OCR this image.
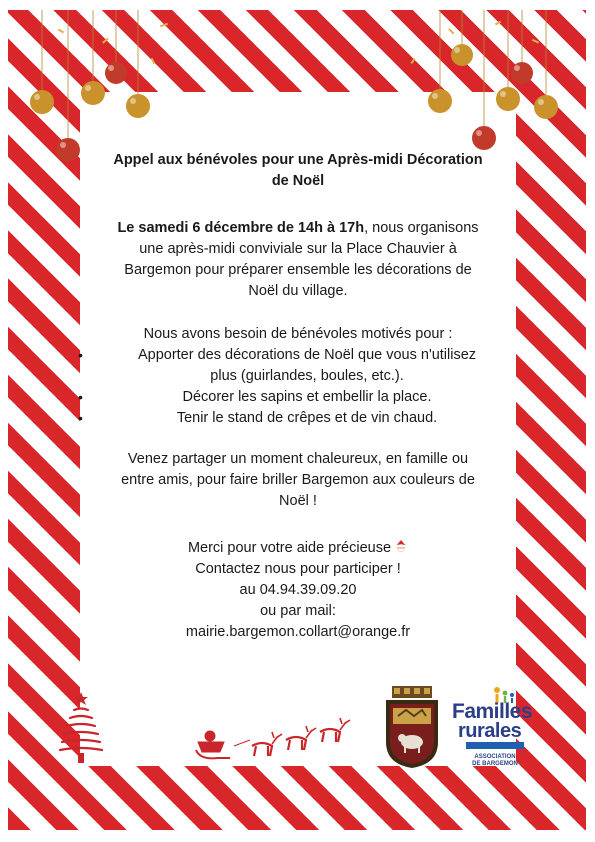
Appel aux bénévoles pour une Après-midi Décoration
de Noël

Le samedi 6 décembre de 14h à 17h, nous organisons
une après-midi conviviale sur la Place Chauvier à
Bargemon pour préparer ensemble les décorations de
Noël du village.

Nous avons besoin de bénévoles motivés pour :

•	Apporter des décorations de Noël que vous n'utilisez
plus (guirlandes, boules, etc.).
•	Décorer les sapins et embellir la place.
•	Tenir le stand de crêpes et de vin chaud.

Venez partager un moment chaleureux, en famille ou
entre amis, pour faire briller Bargemon aux couleurs de
Noël !

Merci pour votre aide précieuse
Contactez nous pour participer !
au 04.94.39.09.20
ou par mail:
mairie.bargemon.collart@orange.fr

Familles
rurales
ASSOCIATION
DE BARGEMON
